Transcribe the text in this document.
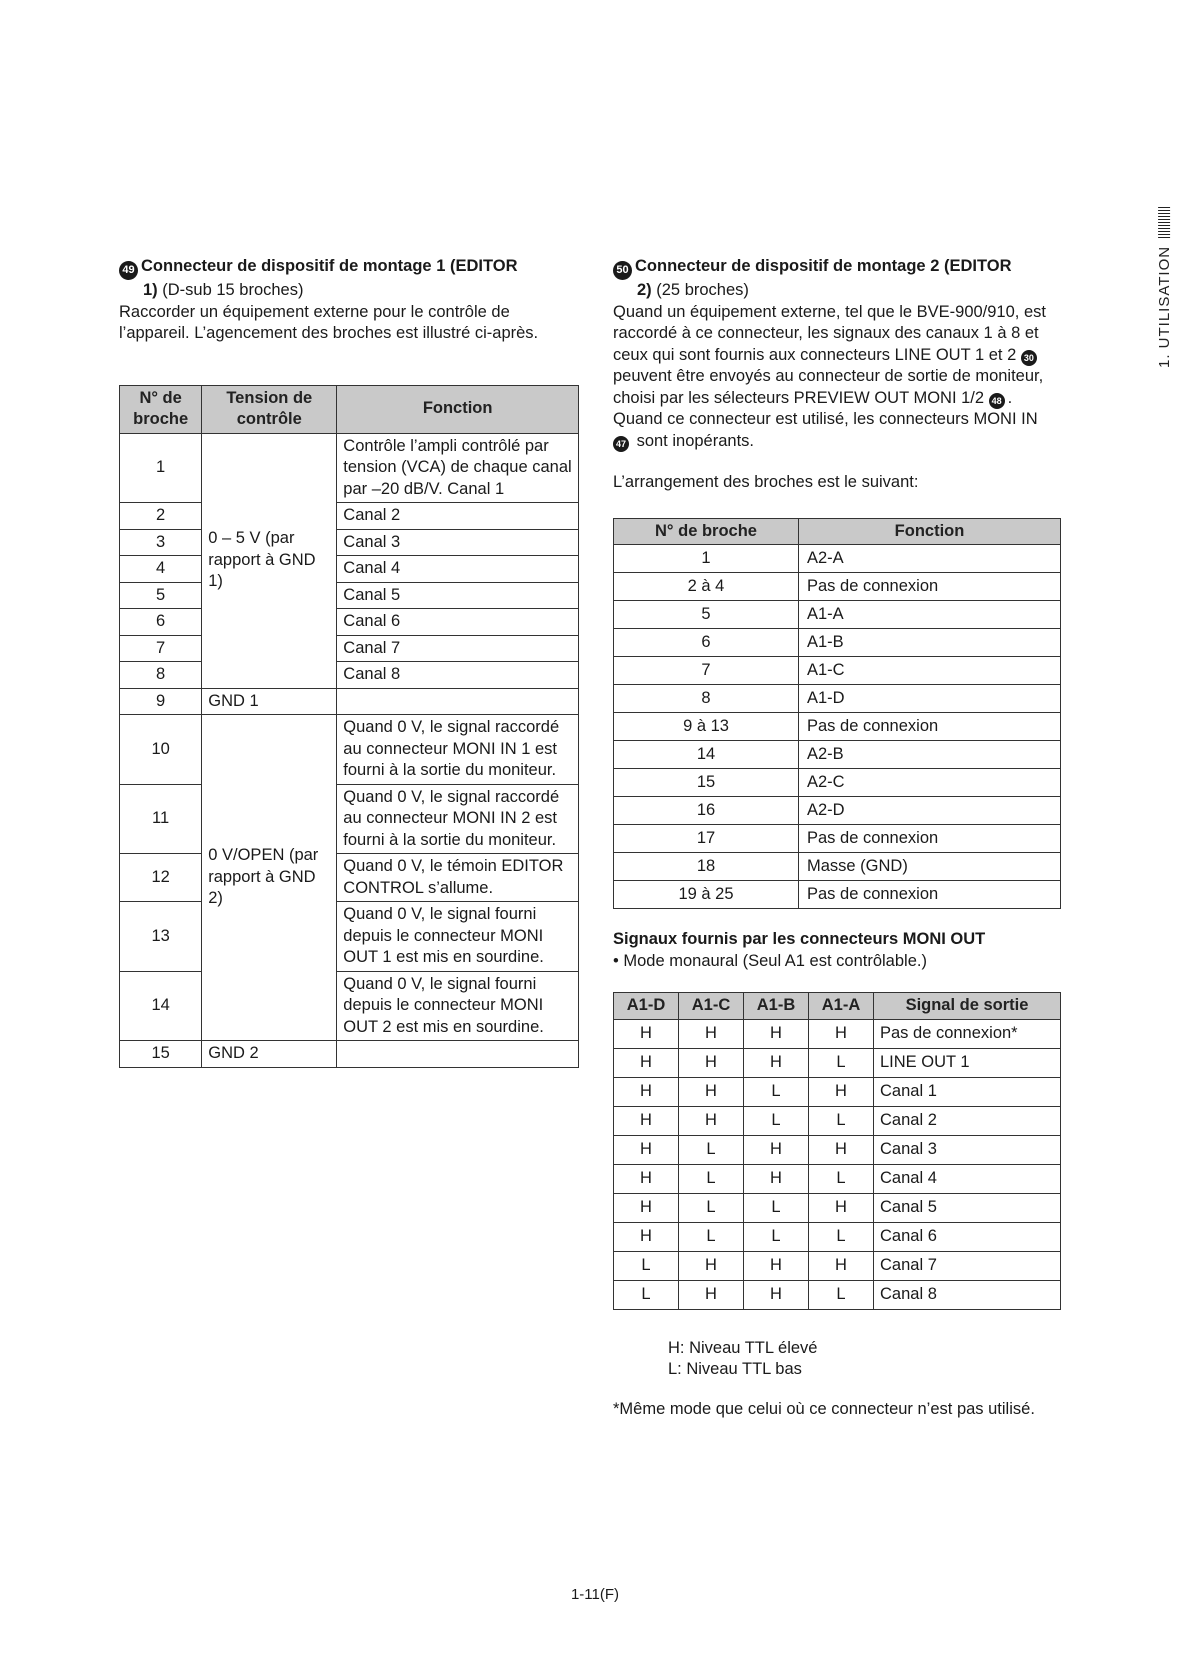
49 Connecteur de dispositif de montage 1 (EDITOR
1) (D-sub 15 broches)

Raccorder un équipement externe pour le contrôle de l’appareil. L’agencement des broches est illustré ci-après.

N° de broche	Tension de contrôle	Fonction
1	0 – 5 V (par rapport à GND 1)	Contrôle l’ampli contrôlé par tension (VCA) de chaque canal par –20 dB/V. Canal 1
2		Canal 2
3		Canal 3
4		Canal 4
5		Canal 5
6		Canal 6
7		Canal 7
8		Canal 8
9	GND 1	
10	0 V/OPEN (par rapport à GND 2)	Quand 0 V, le signal raccordé au connecteur MONI IN 1 est fourni à la sortie du moniteur.
11		Quand 0 V, le signal raccordé au connecteur MONI IN 2 est fourni à la sortie du moniteur.
12		Quand 0 V, le témoin EDITOR CONTROL s’allume.
13		Quand 0 V, le signal fourni depuis le connecteur MONI OUT 1 est mis en sourdine.
14		Quand 0 V, le signal fourni depuis le connecteur MONI OUT 2 est mis en sourdine.
15	GND 2	
50 Connecteur de dispositif de montage 2 (EDITOR
2) (25 broches)

Quand un équipement externe, tel que le BVE-900/910, est raccordé à ce connecteur, les signaux des canaux 1 à 8 et ceux qui sont fournis aux connecteurs LINE OUT 1 et 2 30 peuvent être envoyés au connecteur de sortie de moniteur, choisi par les sélecteurs PREVIEW OUT MONI 1/2 48 . Quand ce connecteur est utilisé, les connecteurs MONI IN 47 sont inopérants.

L’arrangement des broches est le suivant:

N° de broche	Fonction
1	A2-A
2 à 4	Pas de connexion
5	A1-A
6	A1-B
7	A1-C
8	A1-D
9 à 13	Pas de connexion
14	A2-B
15	A2-C
16	A2-D
17	Pas de connexion
18	Masse (GND)
19 à 25	Pas de connexion

Signaux fournis par les connecteurs MONI OUT

• Mode monaural (Seul A1 est contrôlable.)

A1-D	A1-C	A1-B	A1-A	Signal de sortie
H	H	H	H	Pas de connexion*
H	H	H	L	LINE OUT 1
H	H	L	H	Canal 1
H	H	L	L	Canal 2
H	L	H	H	Canal 3
H	L	H	L	Canal 4
H	L	L	H	Canal 5
H	L	L	L	Canal 6
L	H	H	H	Canal 7
L	H	H	L	Canal 8

H: Niveau TTL élevé

L: Niveau TTL bas

*Même mode que celui où ce connecteur n’est pas utilisé.

1. UTILISATION
1-11(F)
